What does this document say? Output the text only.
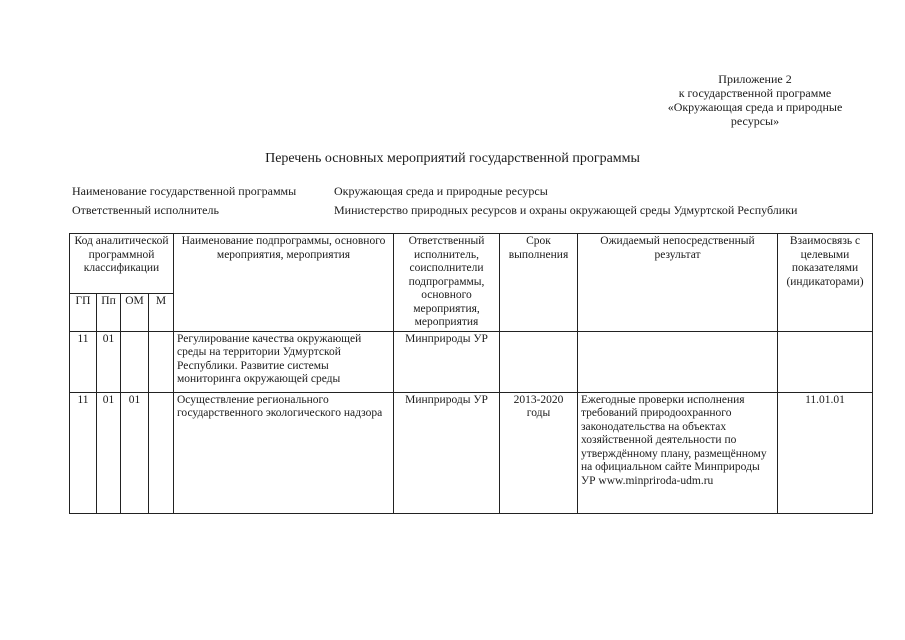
Приложение 2
к государственной программе
«Окружающая среда и природные
ресурсы»
Перечень основных мероприятий государственной программы
Наименование государственной программы	Окружающая среда и природные ресурсы
Ответственный исполнитель	Министерство природных ресурсов и охраны окружающей среды Удмуртской Республики
Код аналитической программной классификации				Наименование подпрограммы, основного мероприятия, мероприятия	Ответственный исполнитель, соисполнители подпрограммы, основного мероприятия, мероприятия	Срок выполнения	Ожидаемый непосредственный результат	Взаимосвязь с целевыми показателями (индикаторами)
ГП	Пп	ОМ	М					
11	01			Регулирование качества окружающей среды на территории Удмуртской Республики. Развитие системы мониторинга окружающей среды	Минприроды УР			
11	01	01		Осуществление регионального государственного экологического надзора	Минприроды УР	2013-2020 годы	Ежегодные проверки исполнения требований природоохранного законодательства на объектах хозяйственной деятельности по утверждённому плану, размещённому на официальном сайте Минприроды УР www.minpriroda-udm.ru	11.01.01
